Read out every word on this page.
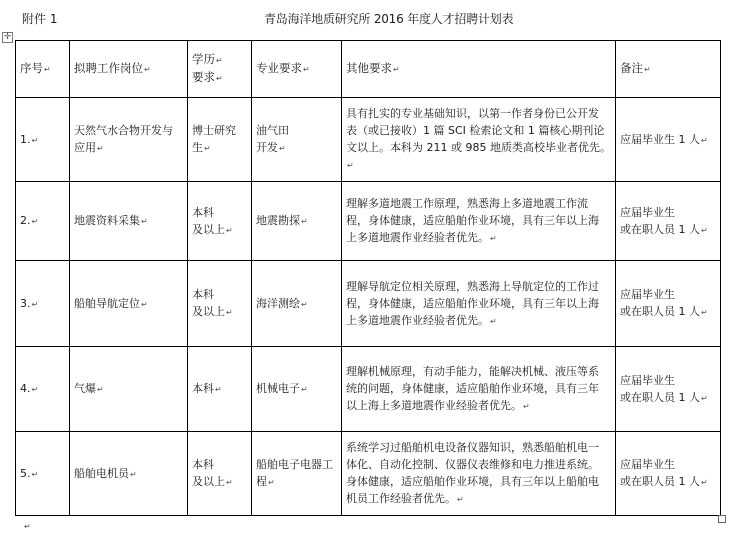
附件 1	青岛海洋地质研究所 2016 年度人才招聘计划表
✛
序号↵	拟聘工作岗位↵	学历↵
要求↵	专业要求↵	其他要求↵	备注↵
1.↵	天然气水合物开发与
应用↵	博士研究
生↵	油气田
开发↵	具有扎实的专业基础知识，以第一作者身份已公开发
表（或已接收）1 篇 SCI 检索论文和 1 篇核心期刊论
文以上。本科为 211 或 985 地质类高校毕业者优先。↵	应届毕业生 1 人↵
2.↵	地震资料采集↵	本科
及以上↵	地震勘探↵	理解多道地震工作原理，熟悉海上多道地震工作流
程，身体健康，适应船舶作业环境，具有三年以上海
上多道地震作业经验者优先。↵	应届毕业生
或在职人员 1 人↵
3.↵	船舶导航定位↵	本科
及以上↵	海洋测绘↵	理解导航定位相关原理，熟悉海上导航定位的工作过
程，身体健康，适应船舶作业环境，具有三年以上海
上多道地震作业经验者优先。↵	应届毕业生
或在职人员 1 人↵
4.↵	气爆↵	本科↵	机械电子↵	理解机械原理，有动手能力，能解决机械、液压等系
统的问题，身体健康，适应船舶作业环境，具有三年
以上海上多道地震作业经验者优先。↵	应届毕业生
或在职人员 1 人↵
5.↵	船舶电机员↵	本科
及以上↵	船舶电子电器工
程↵	系统学习过船舶机电设备仪器知识，熟悉船舶机电一
体化、自动化控制、仪器仪表维修和电力推进系统。
身体健康，适应船舶作业环境，具有三年以上船舶电
机员工作经验者优先。↵	应届毕业生
或在职人员 1 人↵
↵
